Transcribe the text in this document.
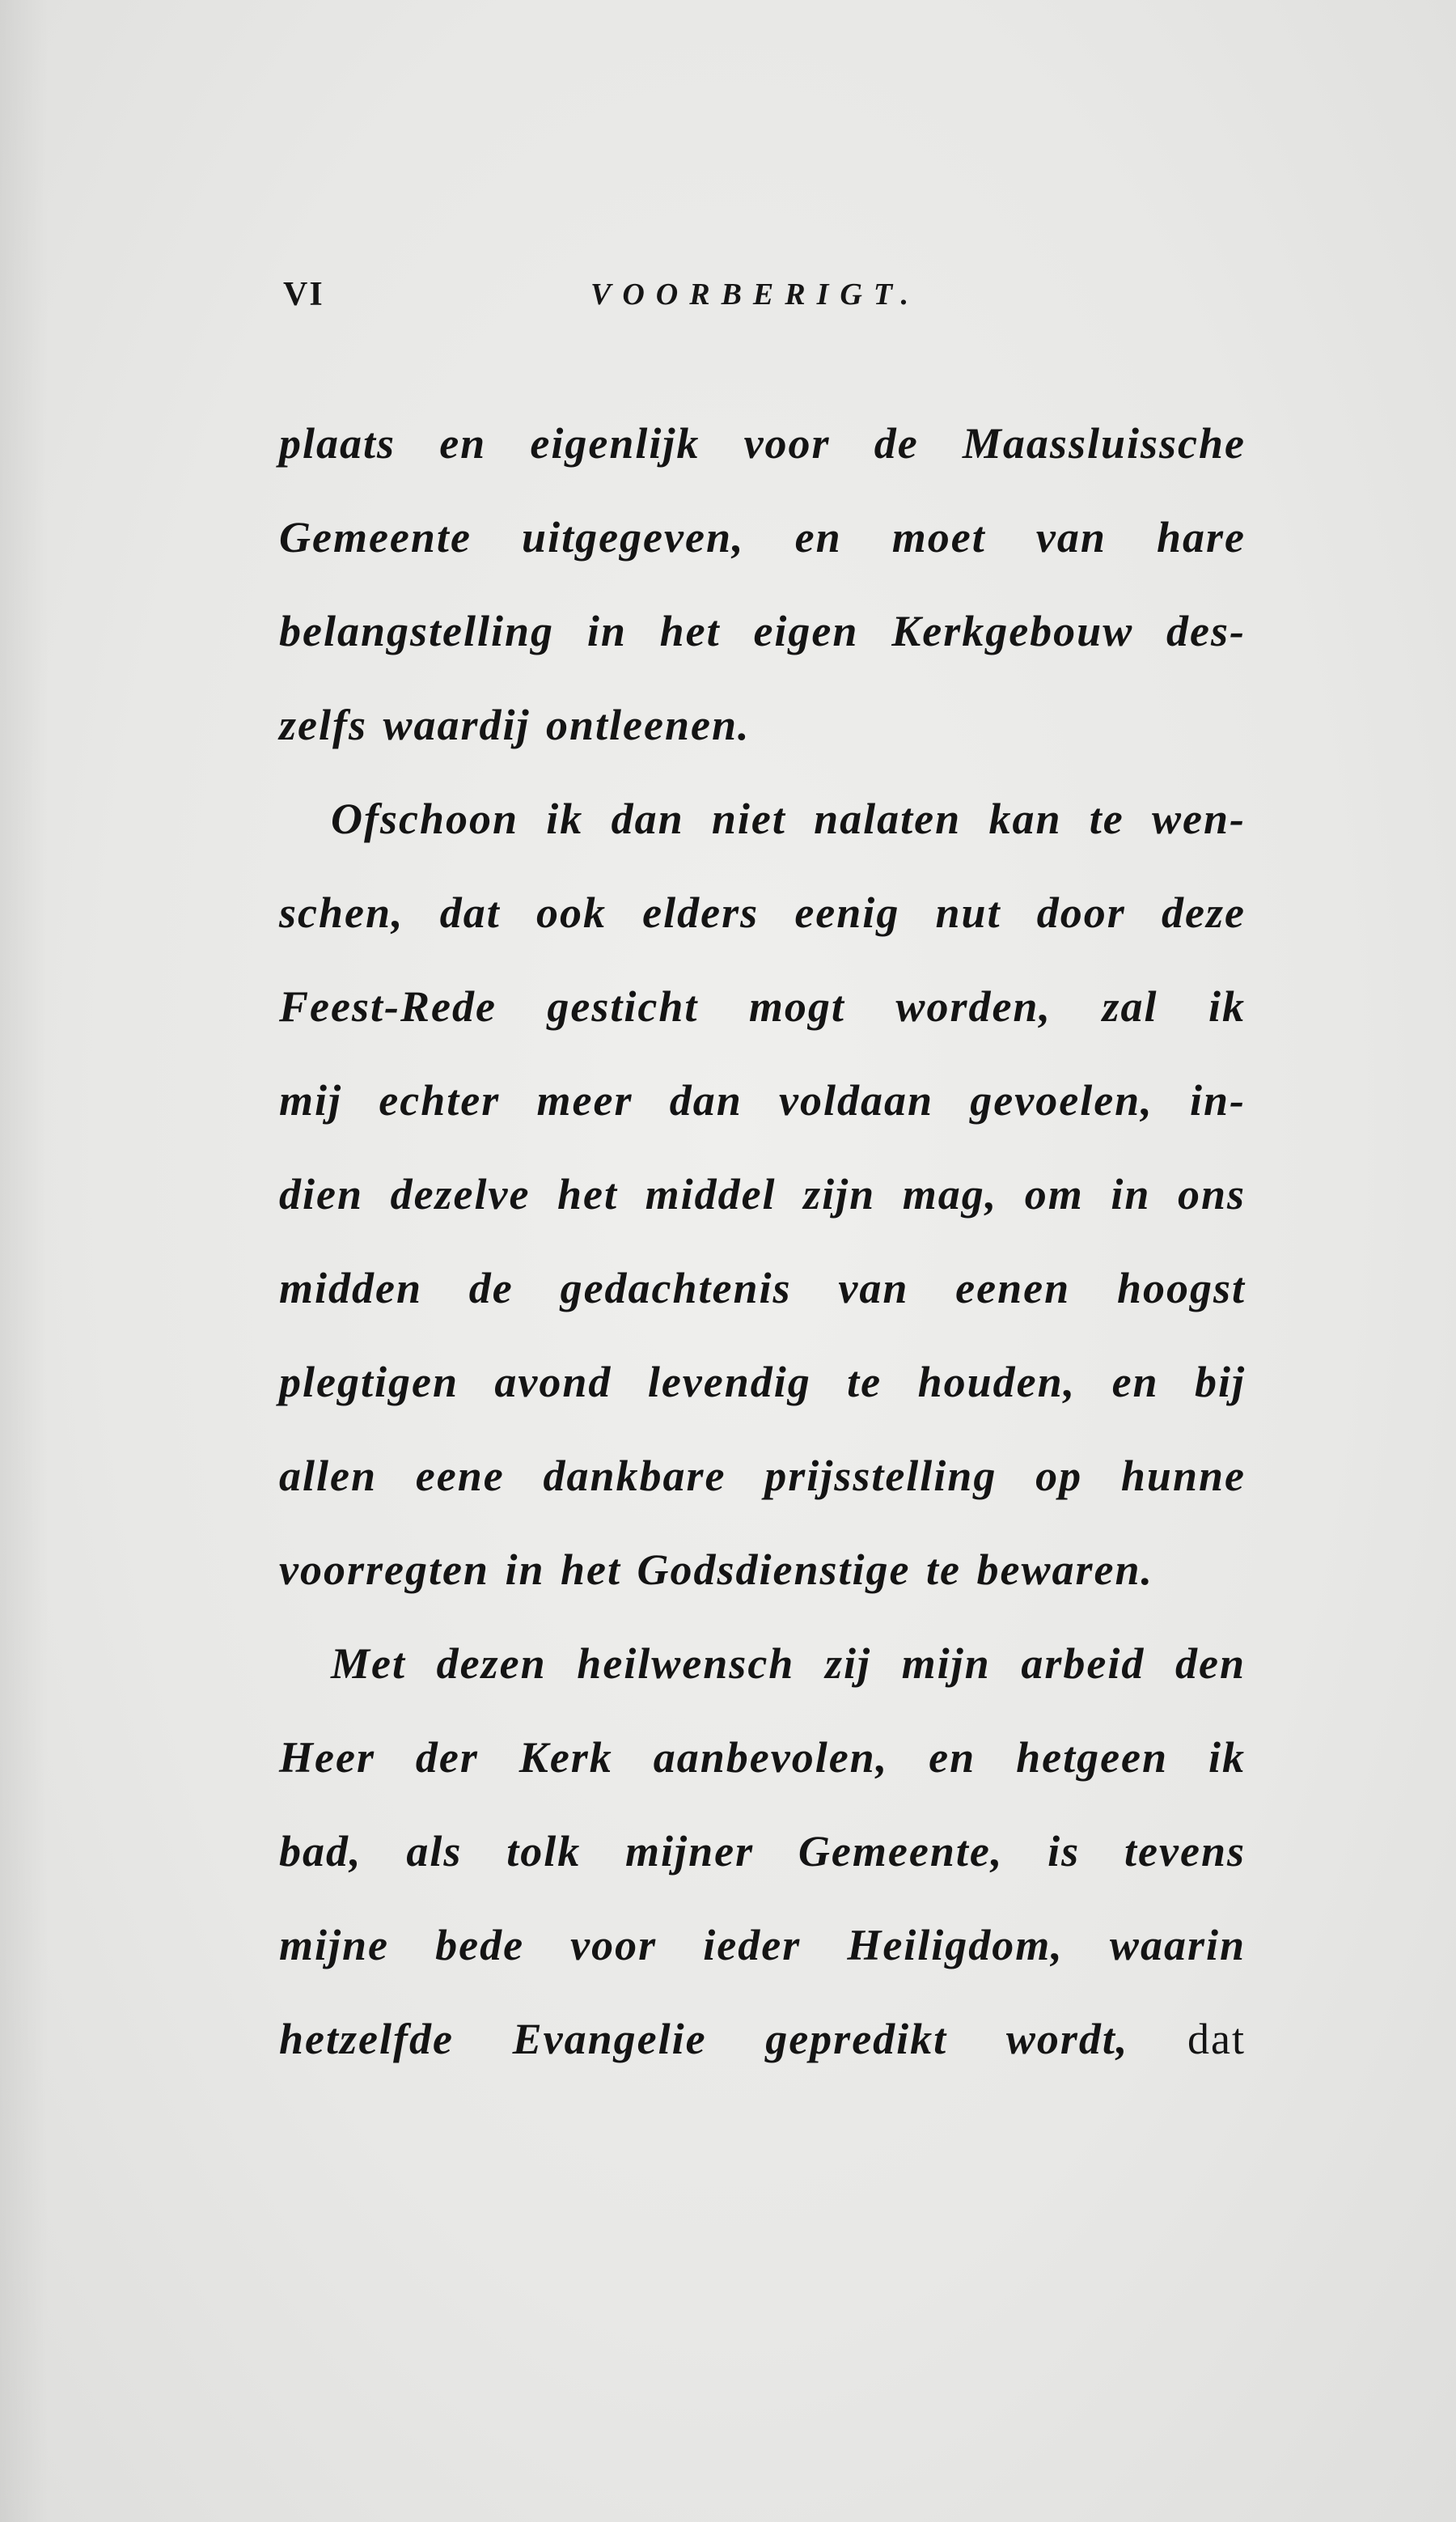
VI	VOORBERIGT.
plaats en eigenlijk voor de Maassluissche
Gemeente uitgegeven, en moet van hare
belangstelling in het eigen Kerkgebouw des-
zelfs waardij ontleenen.
Ofschoon ik dan niet nalaten kan te wen-
schen, dat ook elders eenig nut door deze
Feest-Rede gesticht mogt worden, zal ik
mij echter meer dan voldaan gevoelen, in-
dien dezelve het middel zijn mag, om in ons
midden de gedachtenis van eenen hoogst
plegtigen avond levendig te houden, en bij
allen eene dankbare prijsstelling op hunne
voorregten in het Godsdienstige te bewaren.
Met dezen heilwensch zij mijn arbeid den
Heer der Kerk aanbevolen, en hetgeen ik
bad, als tolk mijner Gemeente, is tevens
mijne bede voor ieder Heiligdom, waarin
hetzelfde Evangelie gepredikt wordt, dat
